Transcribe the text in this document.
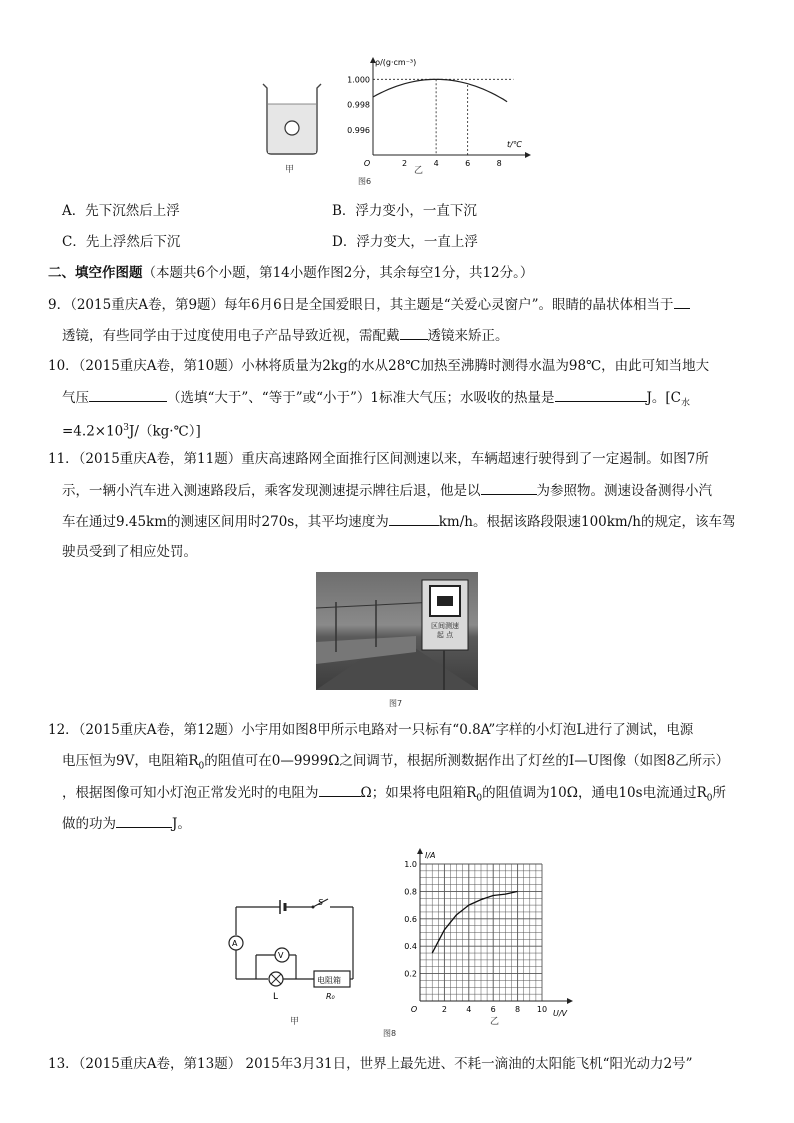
甲
1.000
0.998
0.996
O	2	4	6	8
ρ/(g·cm⁻³)
t/℃
乙
图6
A．先下沉然后上浮	B．浮力变小，一直下沉
C．先上浮然后下沉	D．浮力变大，一直上浮
二、填空作图题（本题共6个小题，第14小题作图2分，其余每空1分，共12分。）
9．（2015重庆A卷，第9题）每年6月6日是全国爱眼日，其主题是“关爱心灵窗户”。眼睛的晶状体相当于
透镜，有些同学由于过度使用电子产品导致近视，需配戴 透镜来矫正。
10．（2015重庆A卷，第10题）小林将质量为2kg的水从28℃加热至沸腾时测得水温为98℃，由此可知当地大
气压	（选填“大于”、“等于”或“小于”）1标准大气压；水吸收的热量是	J。[$C_水$
$=4.2\times 10^3J/(kg\cdot℃)$]
11．（2015重庆A卷，第11题）重庆高速路网全面推行区间测速以来，车辆超速行驶得到了一定遏制。如图7所
示，一辆小汽车进入测速路段后，乘客发现测速提示牌往后退，他是以	为参照物。测速设备测得小汽
车在通过9.45km的测速区间用时270s，其平均速度为	km/h。根据该路段限速100km/h的规定，该车驾
驶员受到了相应处罚。
区间测速
起 点
图7
12．（2015重庆A卷，第12题）小宇用如图8甲所示电路对一只标有“0.8A”字样的小灯泡L进行了测试，电源
电压恒为9V，电阻箱$R_0$的阻值可在0—9999Ω之间调节，根据所测数据作出了灯丝的I—U图像（如图8乙所示）
，根据图像可知小灯泡正常发光时的电阻为	Ω；如果将电阻箱$R_0$的阻值调为10Ω，通电10s电流通过$R_0$所
做的功为	J。
A
V
S
L
电阻箱
R₀
甲
1.0
0.8
0.6
0.4
0.2
O	2 4 6 8 10
I/A
U/V
乙
图8
13．（2015重庆A卷，第13题） 2015年3月31日，世界上最先进、不耗一滴油的太阳能飞机“阳光动力2号”
